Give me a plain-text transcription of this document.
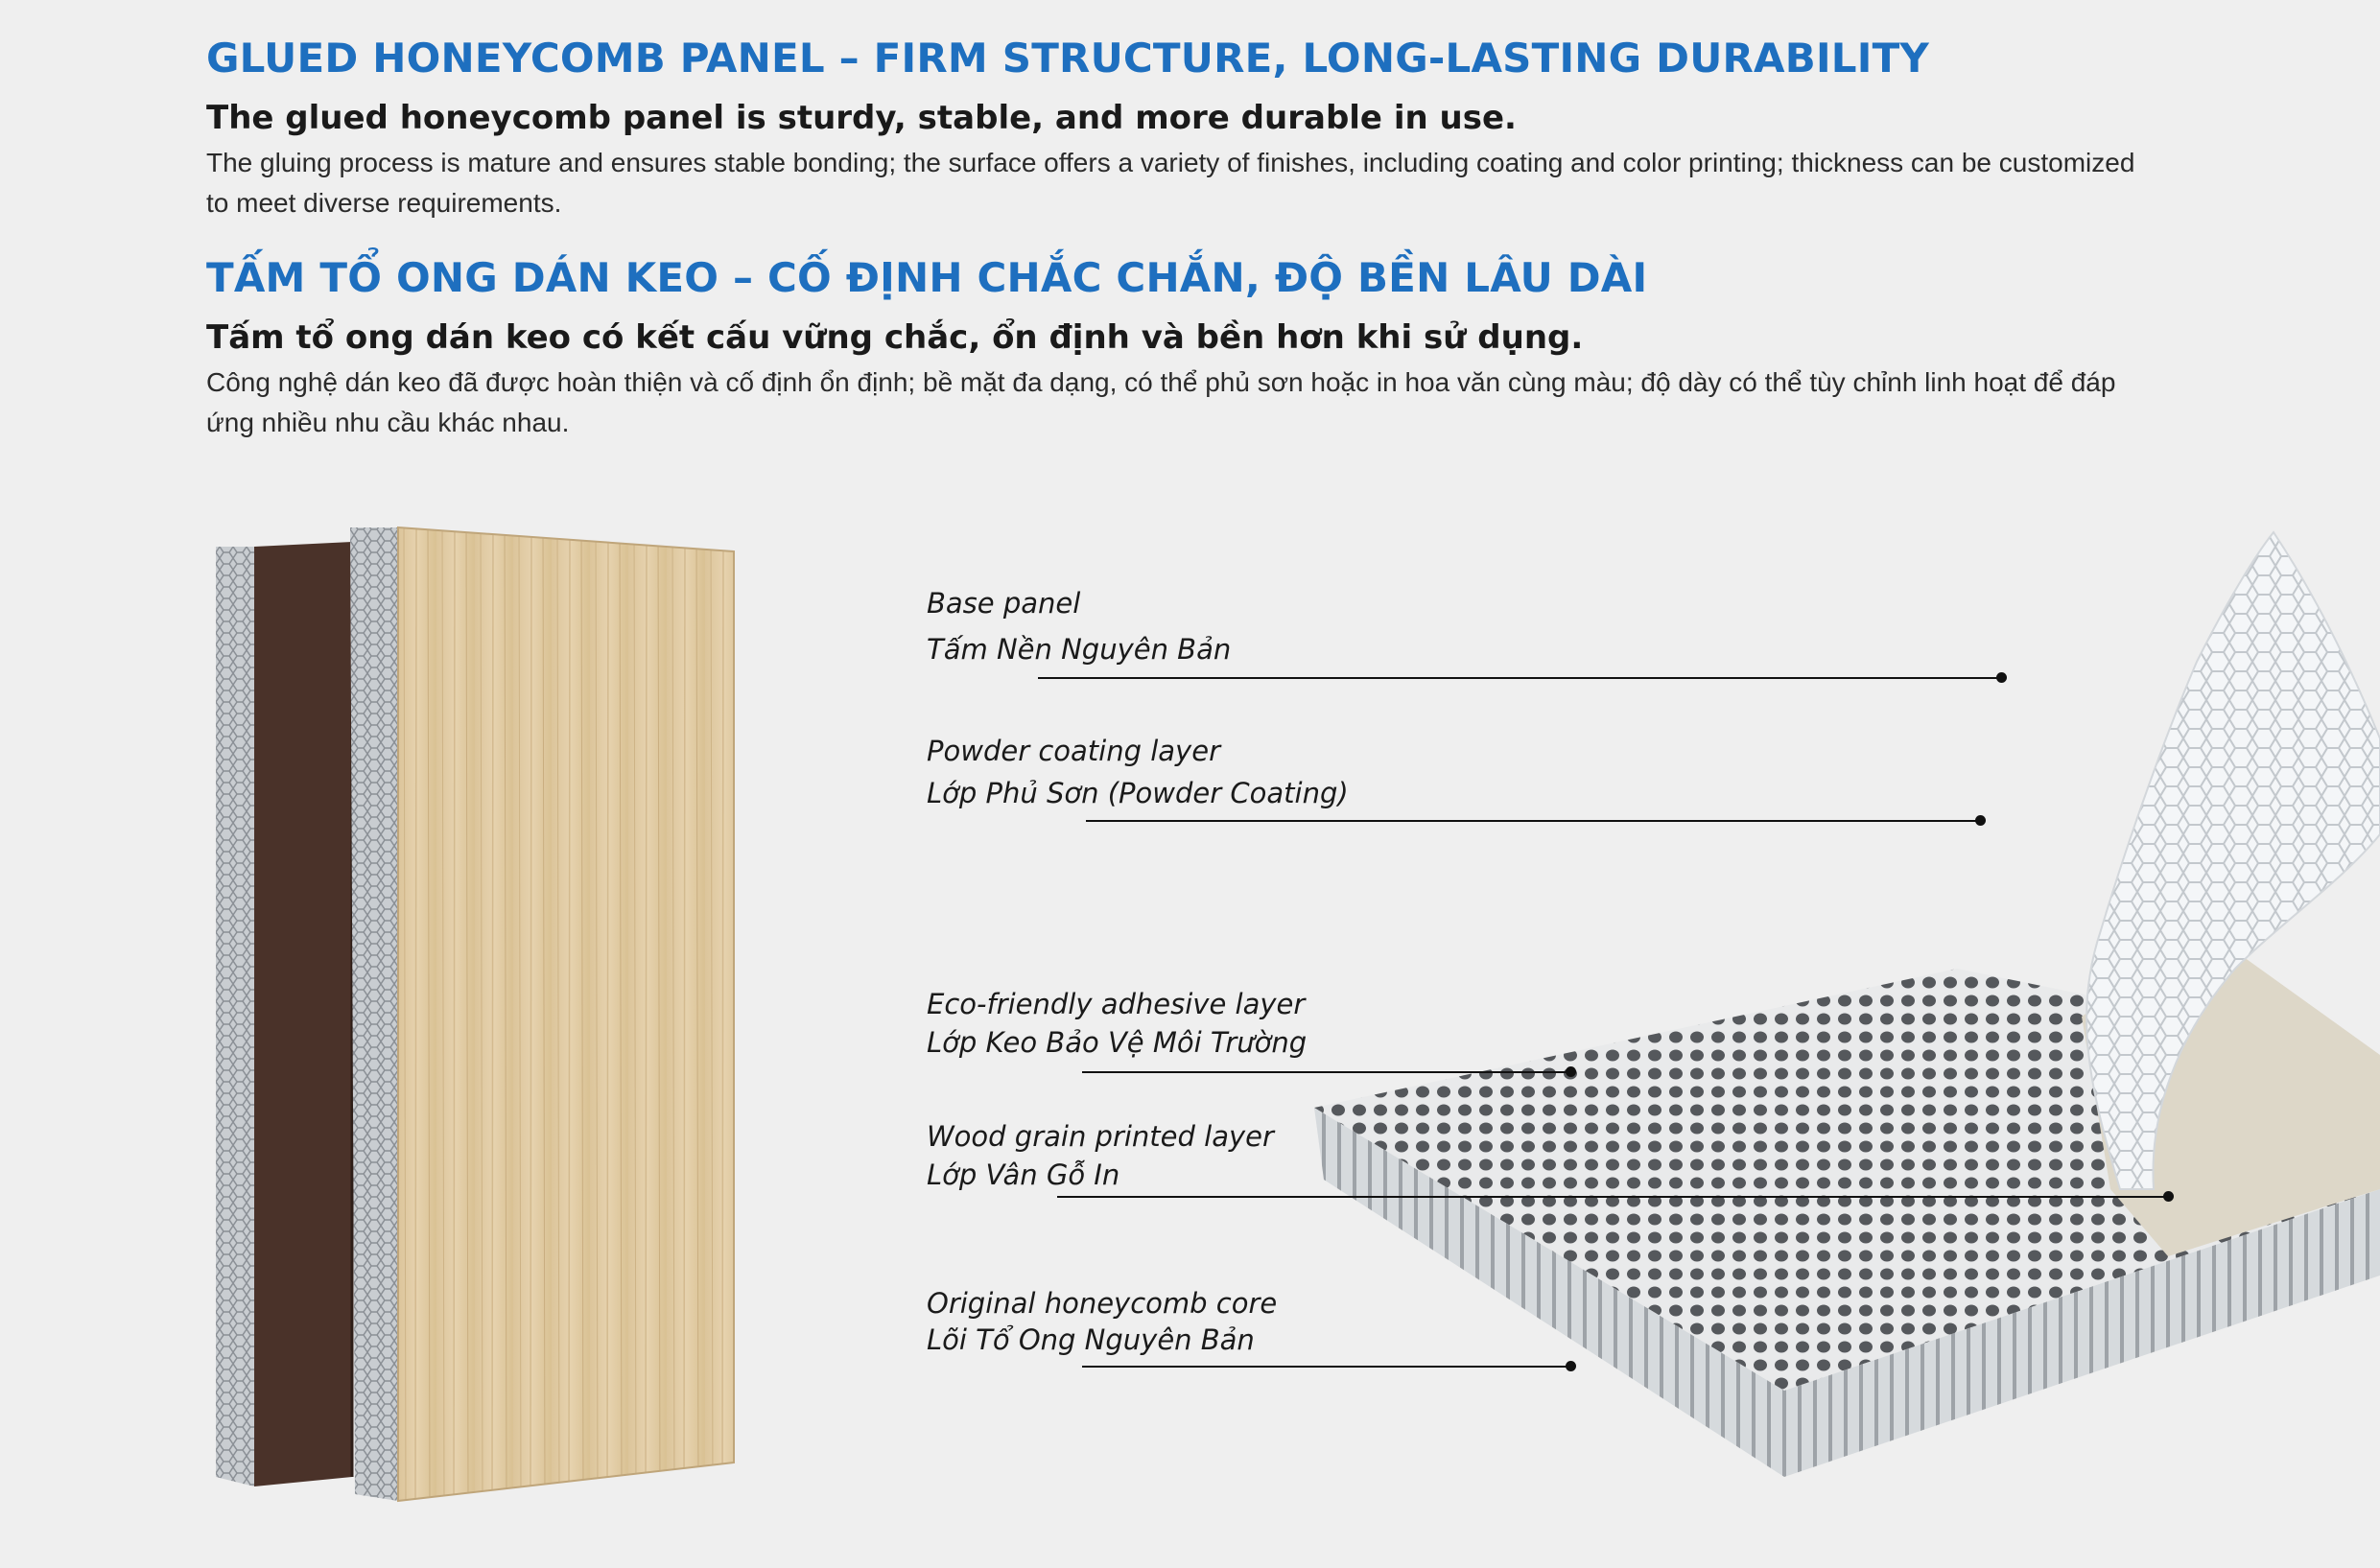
GLUED HONEYCOMB PANEL – FIRM STRUCTURE, LONG-LASTING DURABILITY

The glued honeycomb panel is sturdy, stable, and more durable in use.

The gluing process is mature and ensures stable bonding; the surface offers a variety of finishes, including coating and color printing; thickness can be customized to meet diverse requirements.

TẤM TỔ ONG DÁN KEO – CỐ ĐỊNH CHẮC CHẮN, ĐỘ BỀN LÂU DÀI

Tấm tổ ong dán keo có kết cấu vững chắc, ổn định và bền hơn khi sử dụng.

Công nghệ dán keo đã được hoàn thiện và cố định ổn định; bề mặt đa dạng, có thể phủ sơn hoặc in hoa văn cùng màu; độ dày có thể tùy chỉnh linh hoạt để đáp ứng nhiều nhu cầu khác nhau.

Base panel
Tấm Nền Nguyên Bản
Powder coating layer
Lớp Phủ Sơn (Powder Coating)
Eco-friendly adhesive layer
Lớp Keo Bảo Vệ Môi Trường
Wood grain printed layer
Lớp Vân Gỗ In
Original honeycomb core
Lõi Tổ Ong Nguyên Bản
